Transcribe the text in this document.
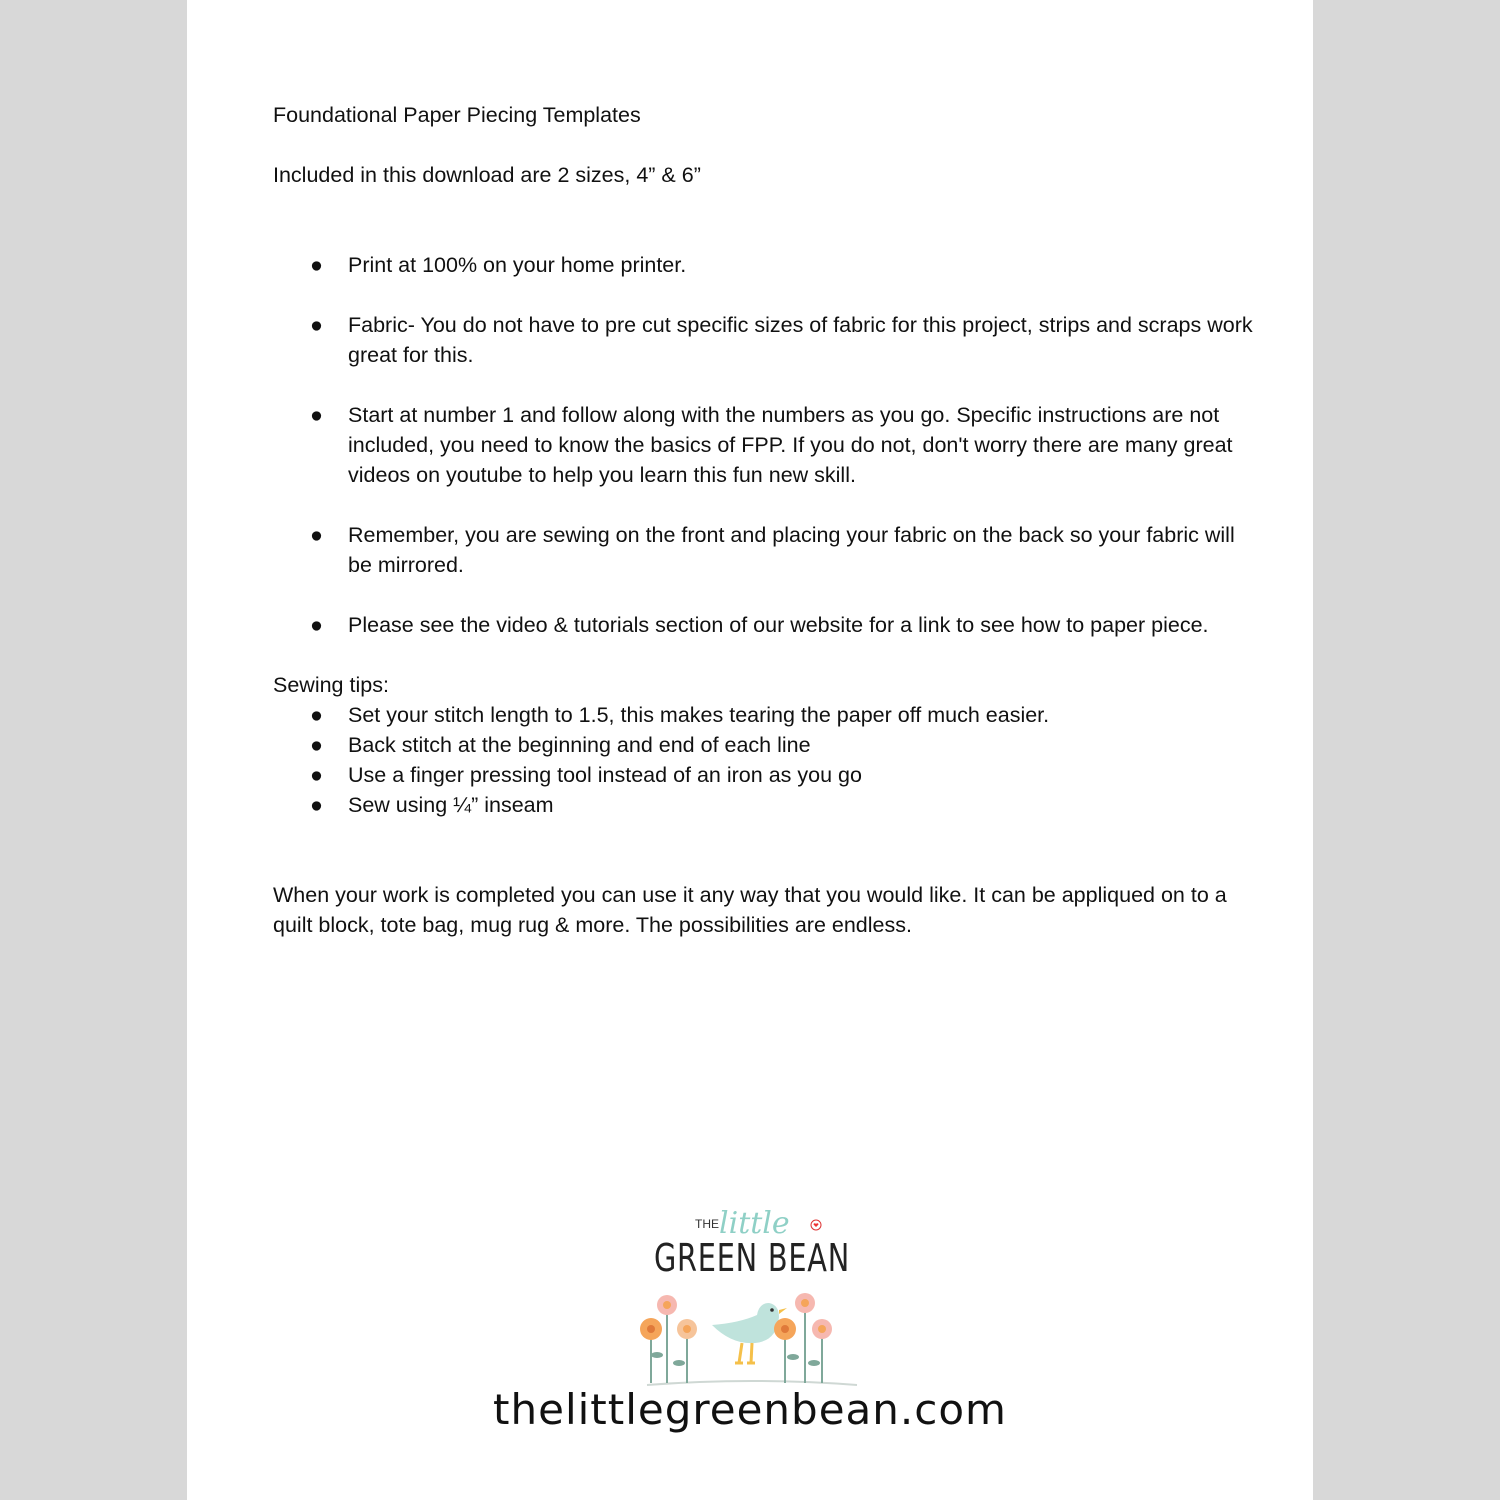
Foundational Paper Piecing Templates

Included in this download are 2 sizes, 4” & 6”

● Print at 100% on your home printer.
● Fabric- You do not have to pre cut specific sizes of fabric for this project, strips and scraps work great for this.
● Start at number 1 and follow along with the numbers as you go. Specific instructions are not included, you need to know the basics of FPP. If you do not, don't worry there are many great videos on youtube to help you learn this fun new skill.
● Remember, you are sewing on the front and placing your fabric on the back so your fabric will be mirrored.
● Please see the video & tutorials section of our website for a link to see how to paper piece.

Sewing tips:

● Set your stitch length to 1.5, this makes tearing the paper off much easier.
● Back stitch at the beginning and end of each line
● Use a finger pressing tool instead of an iron as you go
● Sew using ¼” inseam

When your work is completed you can use it any way that you would like. It can be appliqued on to a quilt block, tote bag, mug rug & more. The possibilities are endless.

THE little
GREEN BEAN
thelittlegreenbean.com
